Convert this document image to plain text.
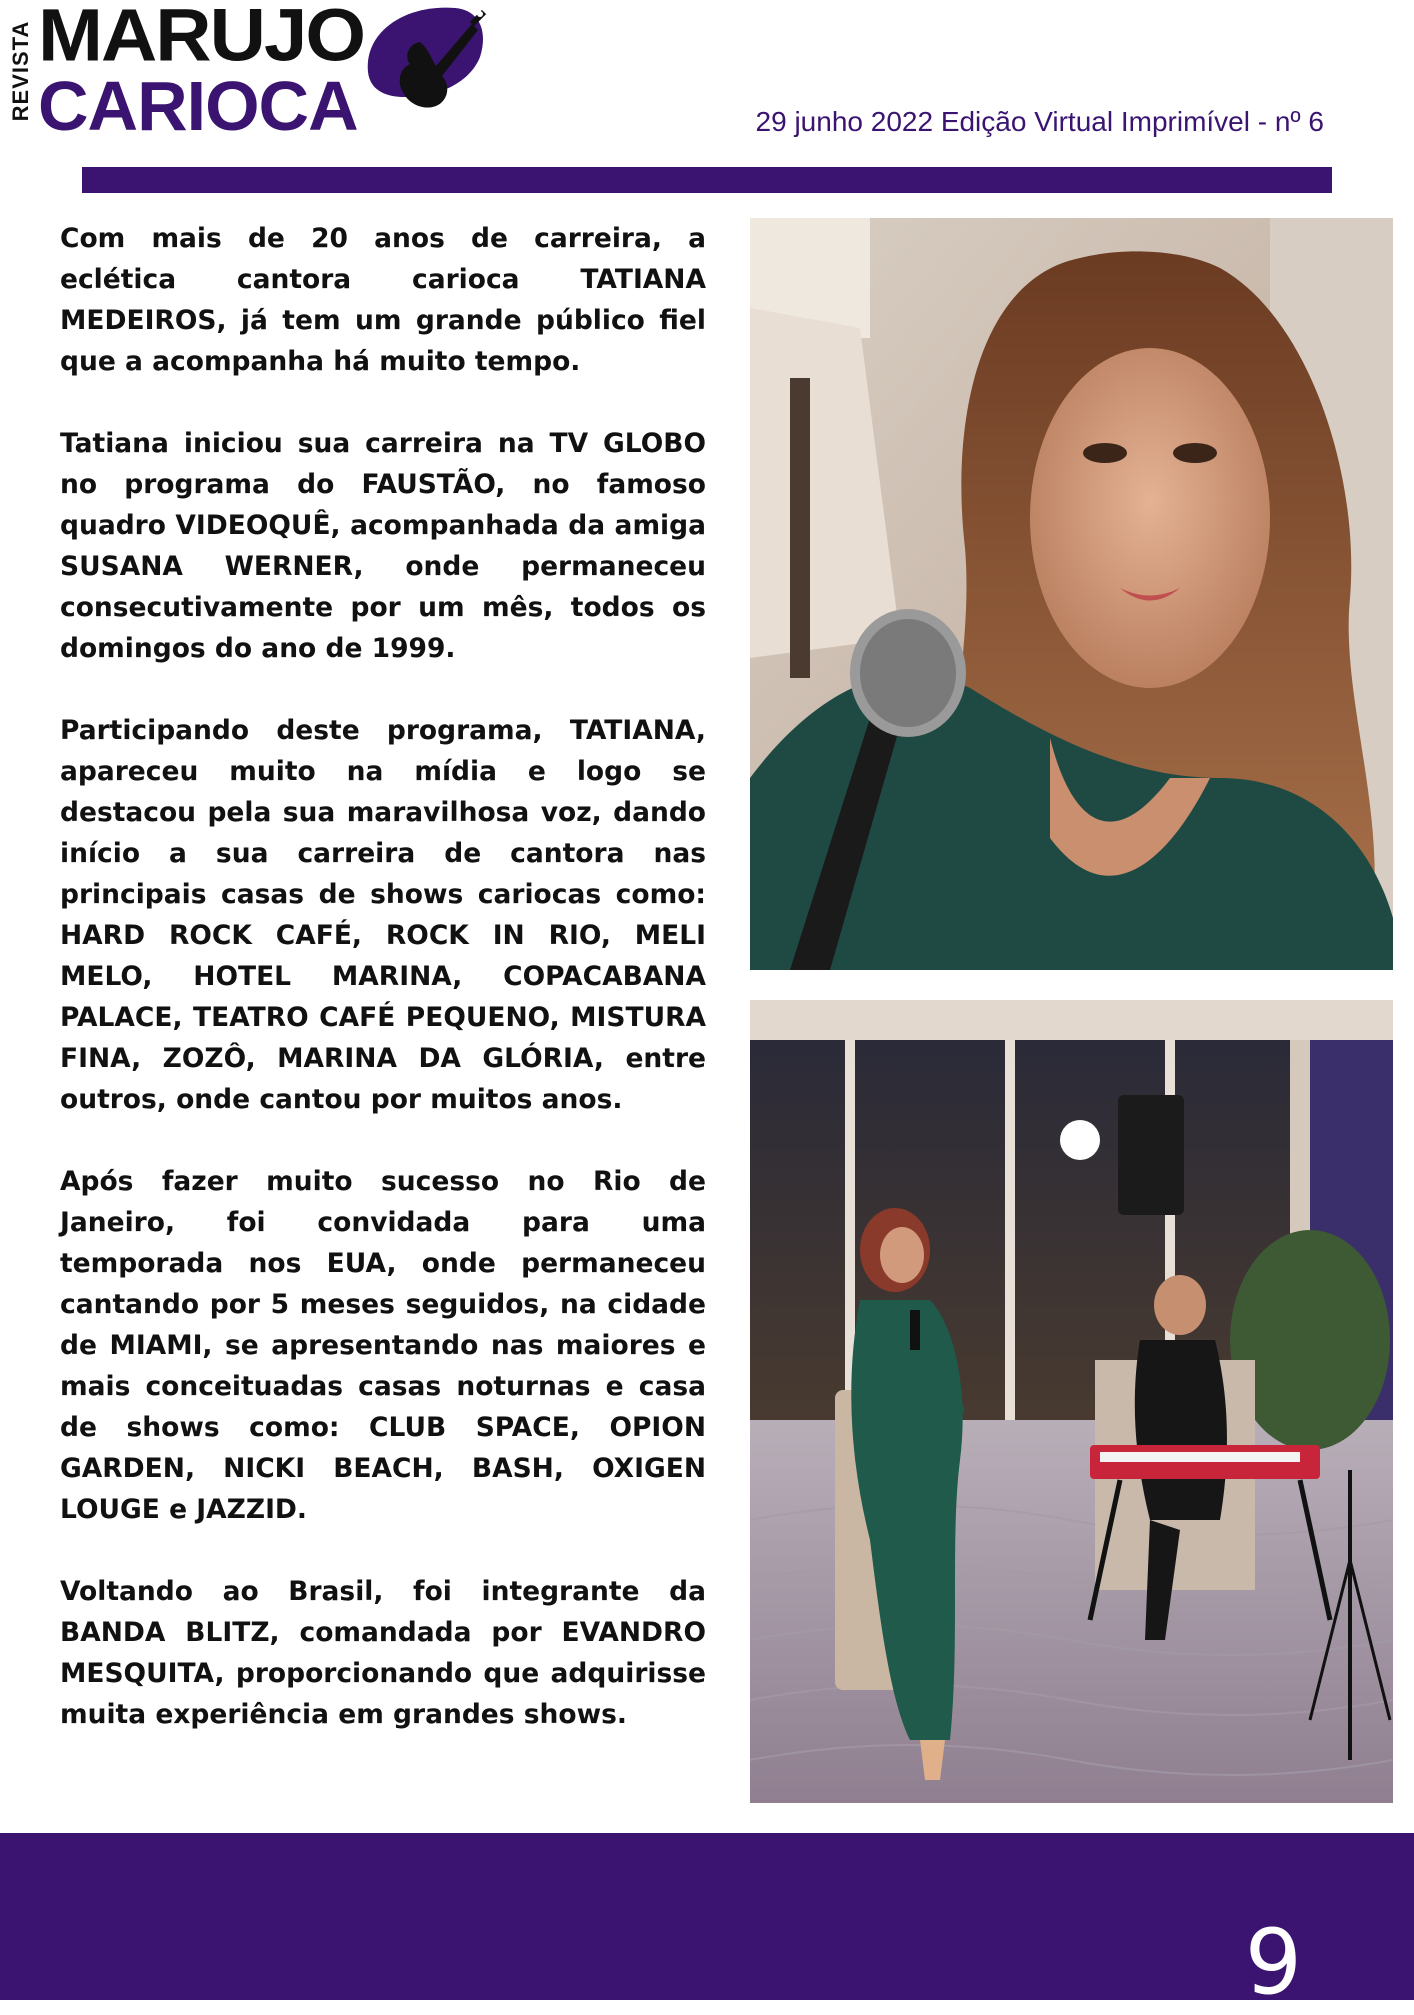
REVISTA MARUJO
CARIOCA	29 junho 2022 Edição Virtual Imprimível - nº 6

Com mais de 20 anos de carreira, a eclética cantora carioca TATIANA MEDEIROS, já tem um grande público fiel que a acompanha há muito tempo.

Tatiana iniciou sua carreira na TV GLOBO no programa do FAUSTÃO, no famoso quadro VIDEOQUÊ, acompanhada da amiga SUSANA WERNER, onde permaneceu consecutivamente por um mês, todos os domingos do ano de 1999.

Participando deste programa, TATIANA, apareceu muito na mídia e logo se destacou pela sua maravilhosa voz, dando início a sua carreira de cantora nas principais casas de shows cariocas como: HARD ROCK CAFÉ, ROCK IN RIO, MELI MELO, HOTEL MARINA, COPACABANA PALACE, TEATRO CAFÉ PEQUENO, MISTURA FINA, ZOZÔ, MARINA DA GLÓRIA, entre outros, onde cantou por muitos anos.

Após fazer muito sucesso no Rio de Janeiro, foi convidada para uma temporada nos EUA, onde permaneceu cantando por 5 meses seguidos, na cidade de MIAMI, se apresentando nas maiores e mais conceituadas casas noturnas e casa de shows como: CLUB SPACE, OPION GARDEN, NICKI BEACH, BASH, OXIGEN LOUGE e JAZZID.

Voltando ao Brasil, foi integrante da BANDA BLITZ, comandada por EVANDRO MESQUITA, proporcionando que adquirisse muita experiência em grandes shows.

9
